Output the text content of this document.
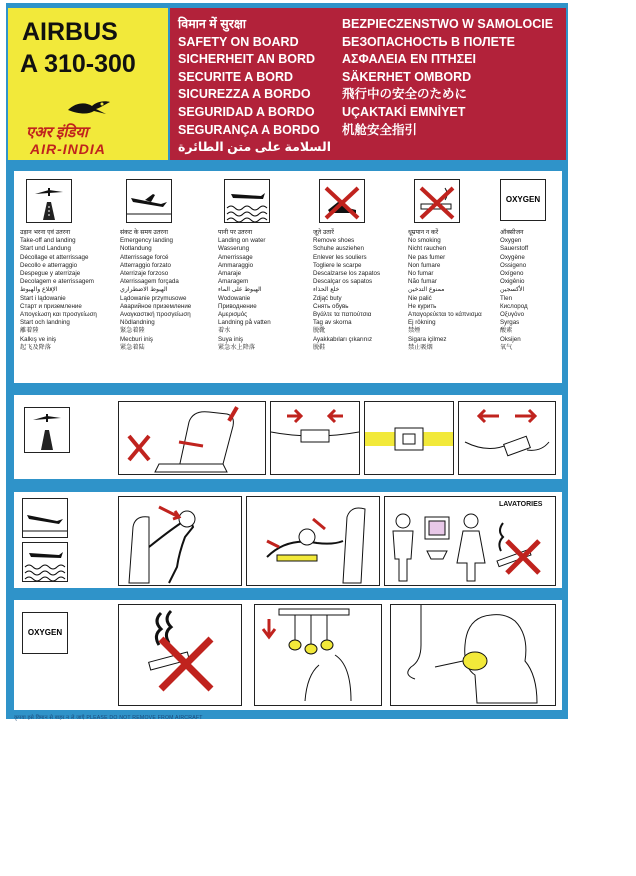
AIRBUS
A 310-300
एअर इंडिया
AIR-INDIA
विमान में सुरक्षा
SAFETY ON BOARD
SICHERHEIT AN BORD
SECURITE A BORD
SICUREZZA A BORDO
SEGURIDAD A BORDO
SEGURANÇA A BORDO
السلامة على متن الطائرة
BEZPIECZENSTWO W SAMOLOCIE
БЕЗОПАСНОСТЬ В ПОЛЕТЕ
ΑΣΦΑΛΕΙΑ ΕΝ ΠΤΗΣΕΙ
SÄKERHET OMBORD
飛行中の安全のために
UÇAKTAKİ EMNİYET
机舱安全指引
उड़ान भरना एवं उतरना
Take-off and landing
Start und Landung
Décollage et atterrissage
Decollo e atterraggio
Despegue y aterrizaje
Decolagem e aterrissagem
الإقلاع والهبوط
Start i lądowanie
Старт и приземление
Απογείωση και προσγείωση
Start och landning
離着陸
Kalkış ve iniş
起飞及降落
संकट के समय उतरना
Emergency landing
Notlandung
Atterrissage forcé
Atterraggio forzato
Aterrizaje forzoso
Aterrissagem forçada
الهبوط الاضطراري
Lądowanie przymusowe
Аварийное приземление
Αναγκαστική προσγείωση
Nödlandning
緊急着陸
Mecburi iniş
紧急着陆
पानी पर उतरना
Landing on water
Wasserung
Amerrissage
Ammaraggio
Amaraje
Amaragem
الهبوط على الماء
Wodowanie
Приводнение
Αμερισμός
Landning på vatten
着水
Suya iniş
紧急水上降落
जूते उतारें
Remove shoes
Schuhe ausziehen
Enlever les souliers
Togliere le scarpe
Descalzarse los zapatos
Descalçar os sapatos
خلع الحذاء
Zdjąć buty
Снять обувь
Βγάλτε τα παπούτσια
Tag av skorna
脱靴
Ayakkabıları çıkarınız
脱鞋
धूम्रपान न करें
No smoking
Nicht rauchen
Ne pas fumer
Non fumare
No fumar
Não fumar
ممنوع التدخين
Nie palić
Не курить
Απαγορεύεται το κάπνισμα
Ej rökning
禁煙
Sigara içilmez
禁止吸烟
OXYGEN
ऑक्सीजन
Oxygen
Sauerstoff
Oxygène
Ossigeno
Oxígeno
Oxigênio
الأكسجين
Tlen
Кислород
Οξυγόνο
Syrgas
酸素
Oksijen
氧气
LAVATORIES
OXYGEN
कृपया इसे विमान से बाहर न ले जाएँ PLEASE DO NOT REMOVE FROM AIRCRAFT
